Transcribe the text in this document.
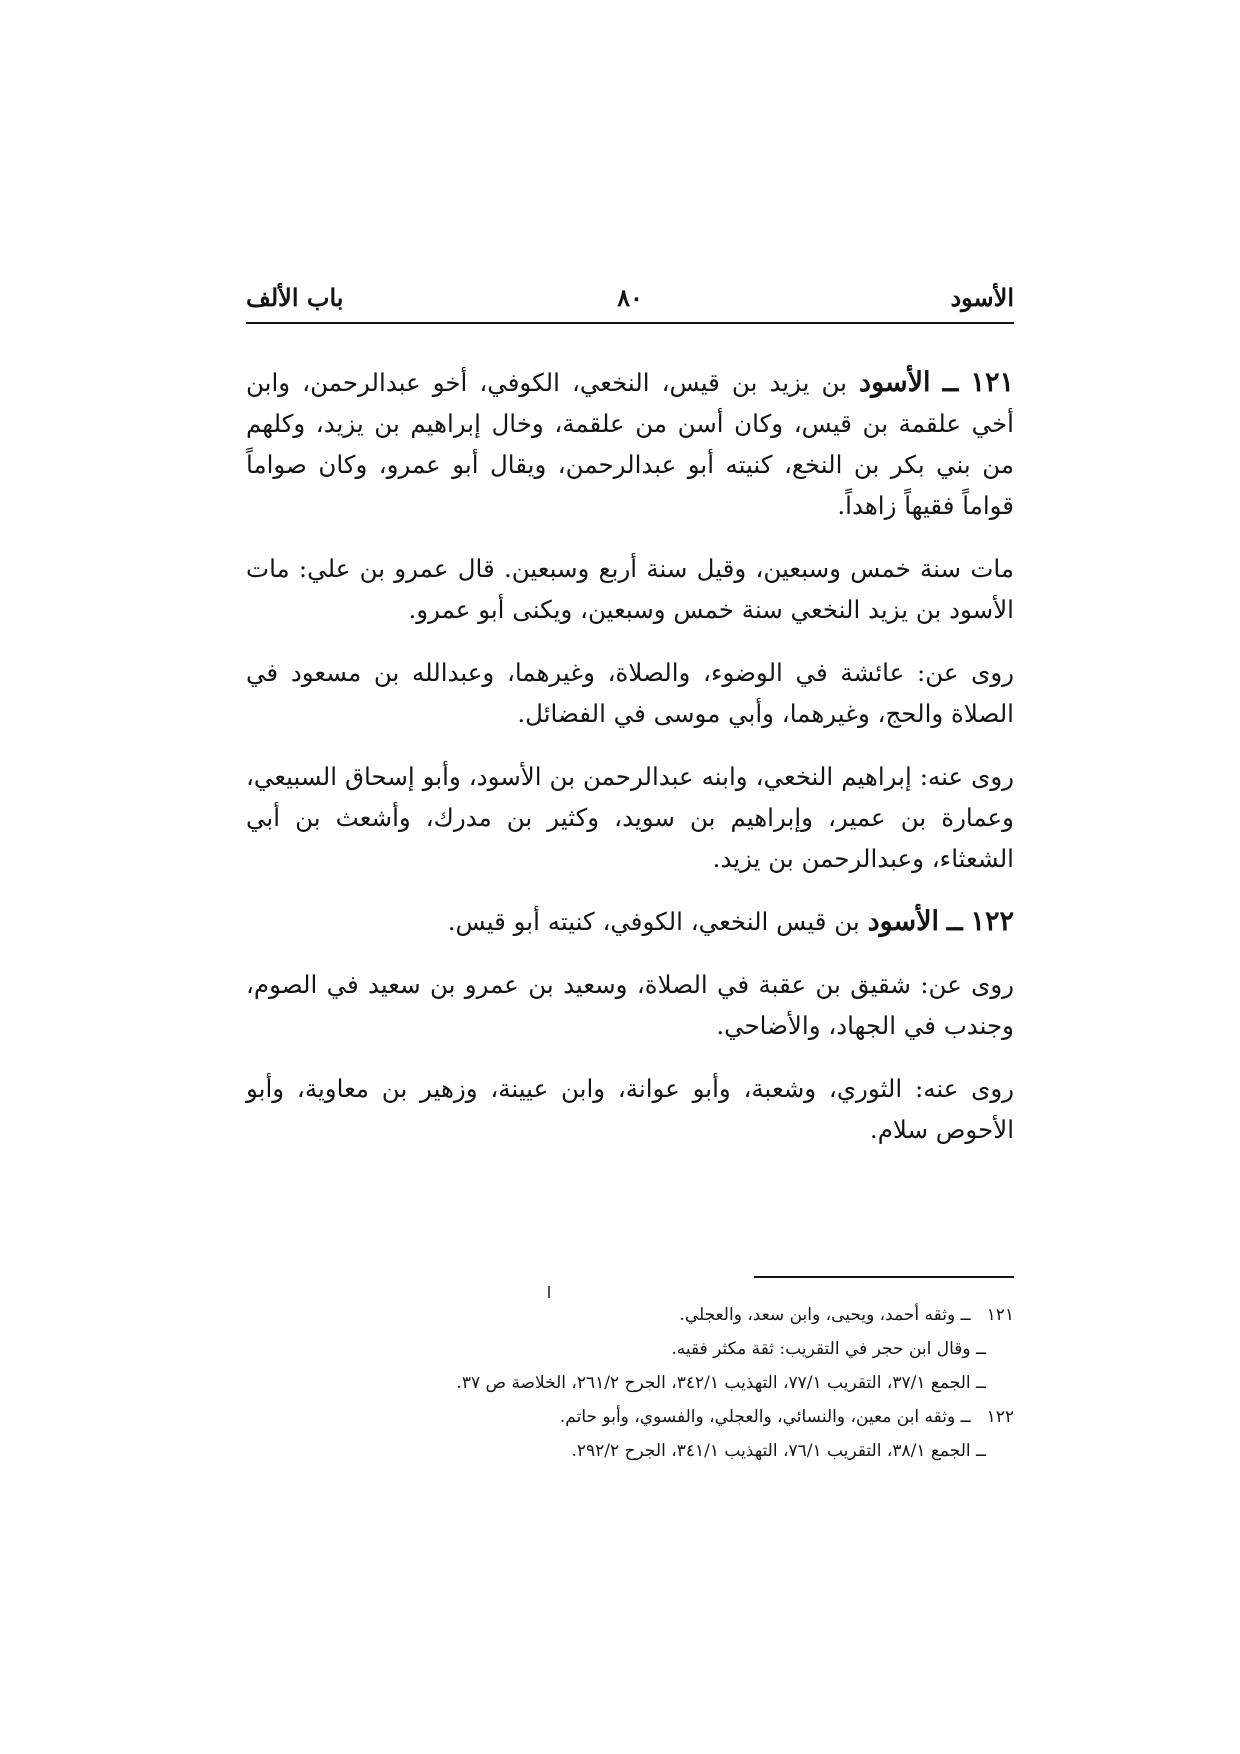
الأسود
٨٠
باب الألف

١٢١ ــ الأسود بن يزيد بن قيس، النخعي، الكوفي، أخو عبدالرحمن، وابن أخي علقمة بن قيس، وكان أسن من علقمة، وخال إبراهيم بن يزيد، وكلهم من بني بكر بن النخع، كنيته أبو عبدالرحمن، ويقال أبو عمرو، وكان صواماً قواماً فقيهاً زاهداً.

مات سنة خمس وسبعين، وقيل سنة أربع وسبعين. قال عمرو بن علي: مات الأسود بن يزيد النخعي سنة خمس وسبعين، ويكنى أبو عمرو.

روى عن: عائشة في الوضوء، والصلاة، وغيرهما، وعبدالله بن مسعود في الصلاة والحج، وغيرهما، وأبي موسى في الفضائل.

روى عنه: إبراهيم النخعي، وابنه عبدالرحمن بن الأسود، وأبو إسحاق السبيعي، وعمارة بن عمير، وإبراهيم بن سويد، وكثير بن مدرك، وأشعث بن أبي الشعثاء، وعبدالرحمن بن يزيد.

١٢٢ ــ الأسود بن قيس النخعي، الكوفي، كنيته أبو قيس.

روى عن: شقيق بن عقبة في الصلاة، وسعيد بن عمرو بن سعيد في الصوم، وجندب في الجهاد، والأضاحي.

روى عنه: الثوري، وشعبة، وأبو عوانة، وابن عيينة، وزهير بن معاوية، وأبو الأحوص سلام.

١٢١ ــ وثقه أحمد، ويحيى، وابن سعد، والعجلي.
ــ وقال ابن حجر في التقريب: ثقة مكثر فقيه.
ــ الجمع ٣٧/١، التقريب ٧٧/١، التهذيب ٣٤٢/١، الجرح ٢٦١/٢، الخلاصة ص ٣٧.
١٢٢ ــ وثقه ابن معين، والنسائي، والعجلي، والفسوي، وأبو حاتم.
ــ الجمع ٣٨/١، التقريب ٧٦/١، التهذيب ٣٤١/١، الجرح ٢٩٢/٢.
